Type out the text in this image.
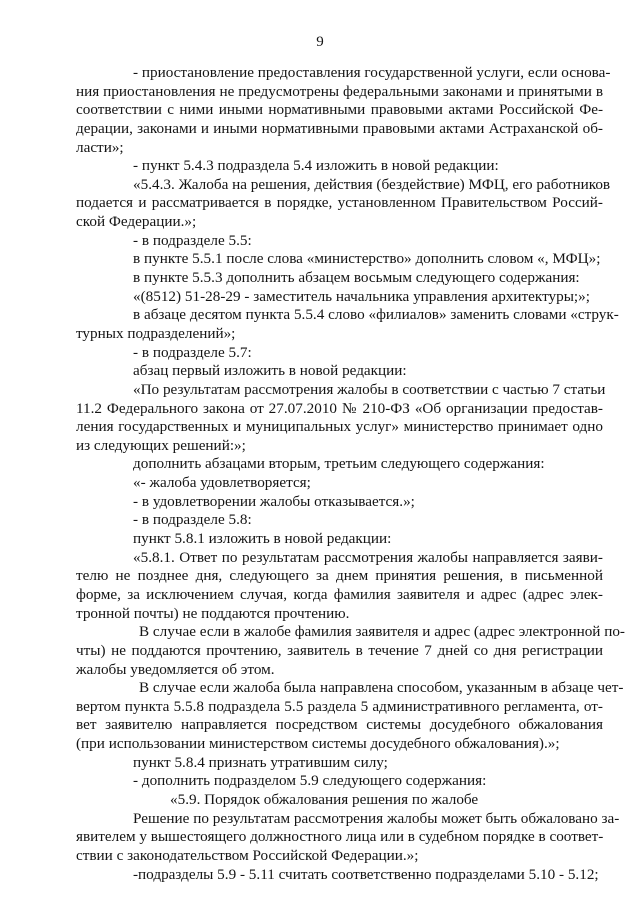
9
- приостановление предоставления государственной услуги, если основа-
ния приостановления не предусмотрены федеральными законами и принятыми в
соответствии с ними иными нормативными правовыми актами Российской Фе-
дерации, законами и иными нормативными правовыми актами Астраханской об-
ласти»;
- пункт 5.4.3 подраздела 5.4 изложить в новой редакции:
«5.4.3. Жалоба на решения, действия (бездействие) МФЦ, его работников
подается и рассматривается в порядке, установленном Правительством Россий-
ской Федерации.»;
- в подразделе 5.5:
в пункте 5.5.1 после слова «министерство» дополнить словом «, МФЦ»;
в пункте 5.5.3 дополнить абзацем восьмым следующего содержания:
«(8512) 51-28-29 - заместитель начальника управления архитектуры;»;
в абзаце десятом пункта 5.5.4 слово «филиалов» заменить словами «струк-
турных подразделений»;
- в подразделе 5.7:
абзац первый изложить в новой редакции:
«По результатам рассмотрения жалобы в соответствии с частью 7 статьи
11.2 Федерального закона от 27.07.2010 № 210-ФЗ «Об организации предостав-
ления государственных и муниципальных услуг» министерство принимает одно
из следующих решений:»;
дополнить абзацами вторым, третьим следующего содержания:
«- жалоба удовлетворяется;
- в удовлетворении жалобы отказывается.»;
- в подразделе 5.8:
пункт 5.8.1 изложить в новой редакции:
«5.8.1. Ответ по результатам рассмотрения жалобы направляется заяви-
телю не позднее дня, следующего за днем принятия решения, в письменной
форме, за исключением случая, когда фамилия заявителя и адрес (адрес элек-
тронной почты) не поддаются прочтению.
В случае если в жалобе фамилия заявителя и адрес (адрес электронной по-
чты) не поддаются прочтению, заявитель в течение 7 дней со дня регистрации
жалобы уведомляется об этом.
В случае если жалоба была направлена способом, указанным в абзаце чет-
вертом пункта 5.5.8 подраздела 5.5 раздела 5 административного регламента, от-
вет заявителю направляется посредством системы досудебного обжалования
(при использовании министерством системы досудебного обжалования).»;
пункт 5.8.4 признать утратившим силу;
- дополнить подразделом 5.9 следующего содержания:
«5.9. Порядок обжалования решения по жалобе
Решение по результатам рассмотрения жалобы может быть обжаловано за-
явителем у вышестоящего должностного лица или в судебном порядке в соответ-
ствии с законодательством Российской Федерации.»;
-подразделы 5.9 - 5.11 считать соответственно подразделами 5.10 - 5.12;
